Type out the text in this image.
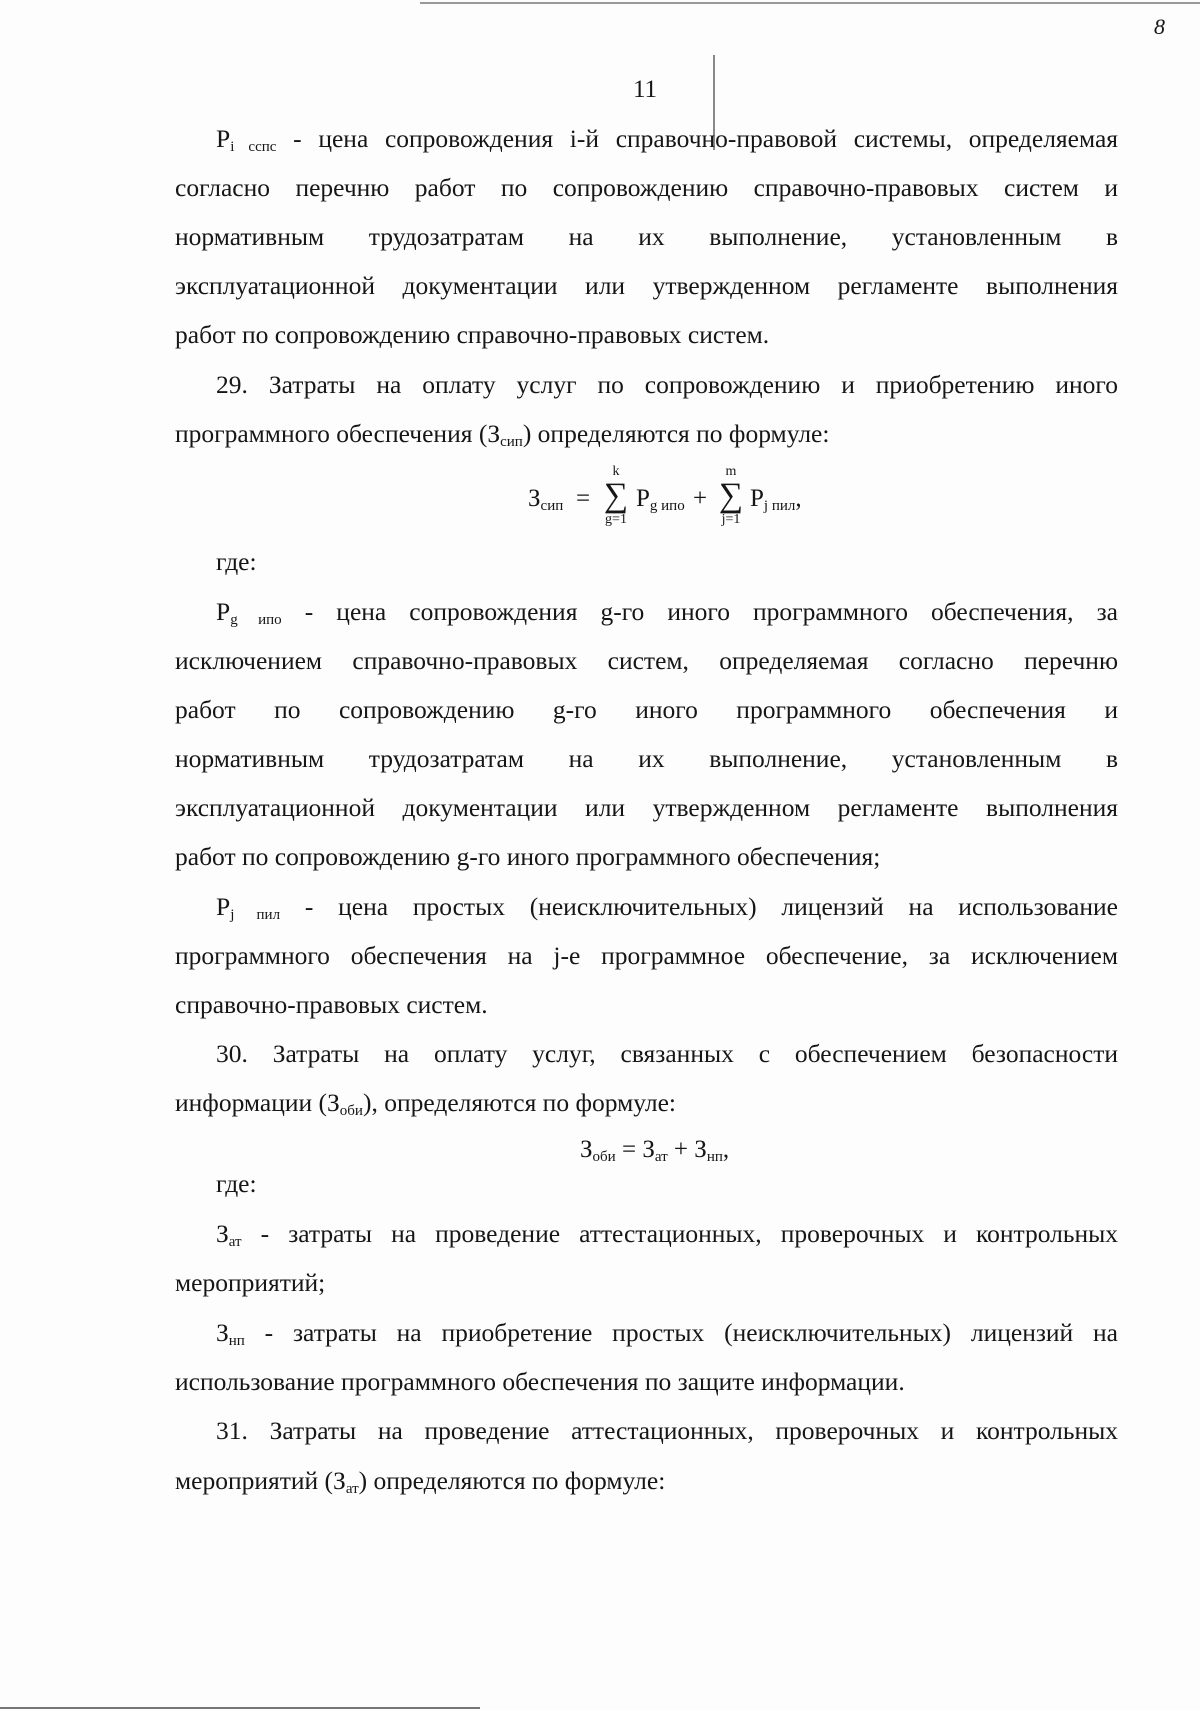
8
11
$P_{i ccпс}$ - цена сопровождения i-й справочно-правовой системы, определяемая
согласно перечню работ по сопровождению справочно-правовых систем и
нормативным трудозатратам на их выполнение, установленным в
эксплуатационной документации или утвержденном регламенте выполнения
работ по сопровождению справочно-правовых систем.
29. Затраты на оплату услуг по сопровождению и приобретению иного
программного обеспечения $(З_{сип})$ определяются по формуле:
$З_{сип}$ =
k
∑
g=1
$P_{g ипо}$ +
m
∑
j=1
$P_{j пил}$,
где:
$P_{g ипо}$ - цена сопровождения g-го иного программного обеспечения, за
исключением справочно-правовых систем, определяемая согласно перечню
работ по сопровождению g-го иного программного обеспечения и
нормативным трудозатратам на их выполнение, установленным в
эксплуатационной документации или утвержденном регламенте выполнения
работ по сопровождению g-го иного программного обеспечения;
$P_{j пил}$ - цена простых (неисключительных) лицензий на использование
программного обеспечения на j-е программное обеспечение, за исключением
справочно-правовых систем.
30. Затраты на оплату услуг, связанных с обеспечением безопасности
информации $(З_{оби})$, определяются по формуле:
$З_{оби} = З_{ат} + З_{нп}$,
где:
$З_{ат}$ - затраты на проведение аттестационных, проверочных и контрольных
мероприятий;
$З_{нп}$ - затраты на приобретение простых (неисключительных) лицензий на
использование программного обеспечения по защите информации.
31. Затраты на проведение аттестационных, проверочных и контрольных
мероприятий $(З_{ат})$ определяются по формуле:
